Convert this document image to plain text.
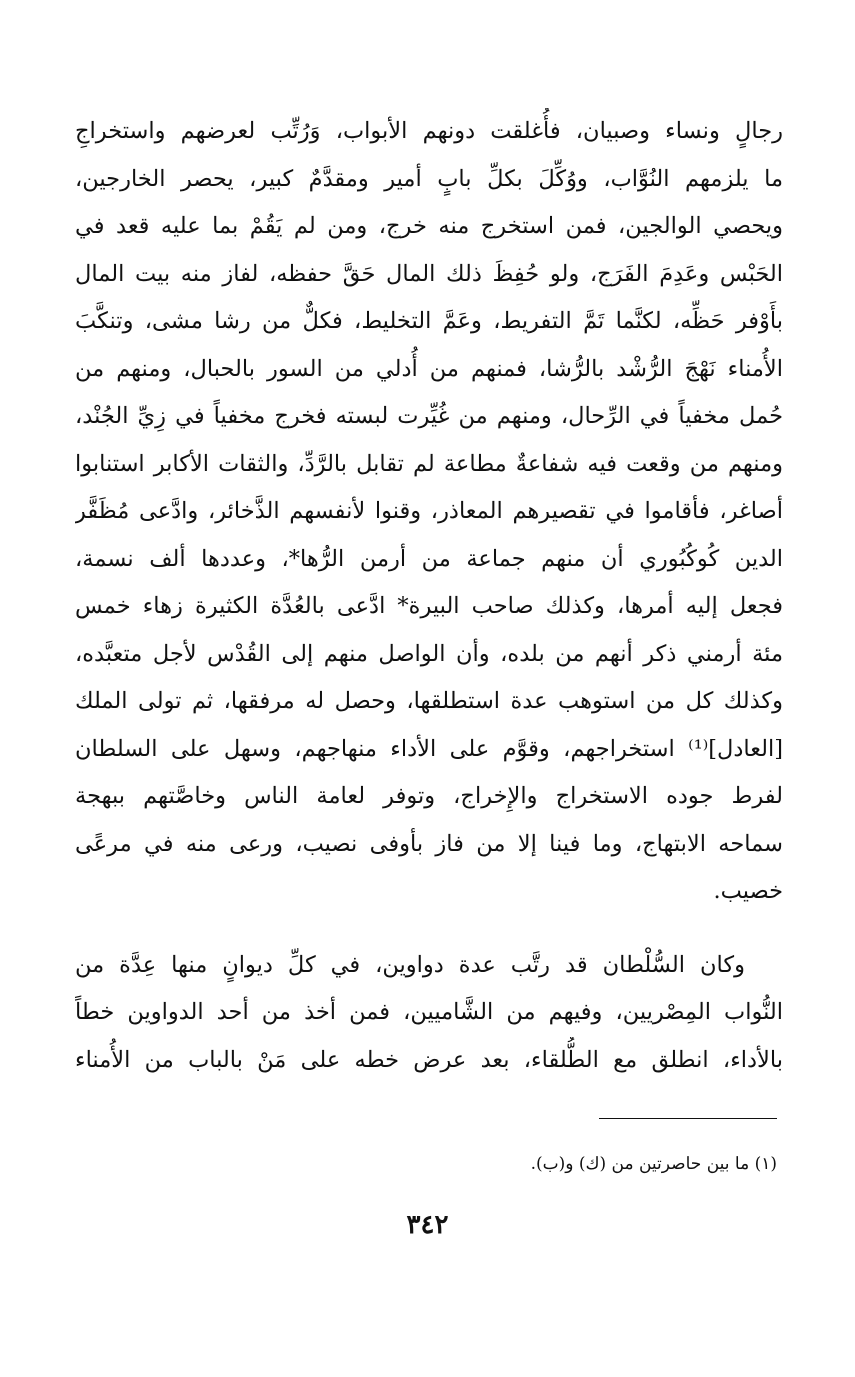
رجالٍ ونساء وصبيان، فأُغلقت دونهم الأبواب، وَرُتِّب لعرضهم واستخراجِ
ما يلزمهم النُوَّاب، ووُكِّلَ بكلِّ بابٍ أمير ومقدَّمٌ كبير، يحصر الخارجين،
ويحصي الوالجين، فمن استخرج منه خرج، ومن لم يَقُمْ بما عليه قعد في
الحَبْس وعَدِمَ الفَرَج، ولو حُفِظَ ذلك المال حَقَّ حفظه، لفاز منه بيت المال
بأَوْفر حَظِّه، لكنَّما تَمَّ التفريط، وعَمَّ التخليط، فكلٌّ من رشا مشى، وتنكَّبَ
الأُمناء نَهْجَ الرُّشْد بالرُّشا، فمنهم من أُدلي من السور بالحبال، ومنهم من
حُمل مخفياً في الرِّحال، ومنهم من غُيِّرت لبسته فخرج مخفياً في زِيِّ الجُنْد،
ومنهم من وقعت فيه شفاعةٌ مطاعة لم تقابل بالرَّدِّ، والثقات الأكابر استنابوا
أصاغر، فأقاموا في تقصيرهم المعاذر، وقنوا لأنفسهم الذَّخائر، وادَّعى مُظَفَّر
الدين كُوكُبُوري أن منهم جماعة من أرمن الرُّها*، وعددها ألف نسمة،
فجعل إليه أمرها، وكذلك صاحب البيرة* ادَّعى بالعُدَّة الكثيرة زهاء خمس
مئة أرمني ذكر أنهم من بلده، وأن الواصل منهم إلى القُدْس لأجل متعبَّده،
وكذلك كل من استوهب عدة استطلقها، وحصل له مرفقها، ثم تولى الملك
[العادل]⁽¹⁾ استخراجهم، وقوَّم على الأداء منهاجهم، وسهل على السلطان
لفرط جوده الاستخراج والإِخراج، وتوفر لعامة الناس وخاصَّتهم ببهجة
سماحه الابتهاج، وما فينا إلا من فاز بأوفى نصيب، ورعى منه في مرعًى
خصيب.
وكان السُّلْطان قد رتَّب عدة دواوين، في كلِّ ديوانٍ منها عِدَّة من
النُّواب المِصْريين، وفيهم من الشَّاميين، فمن أخذ من أحد الدواوين خطاً
بالأداء، انطلق مع الطُّلقاء، بعد عرض خطه على مَنْ بالباب من الأُمناء
(١) ما بين حاصرتين من (ك) و(ب).
٣٤٢
